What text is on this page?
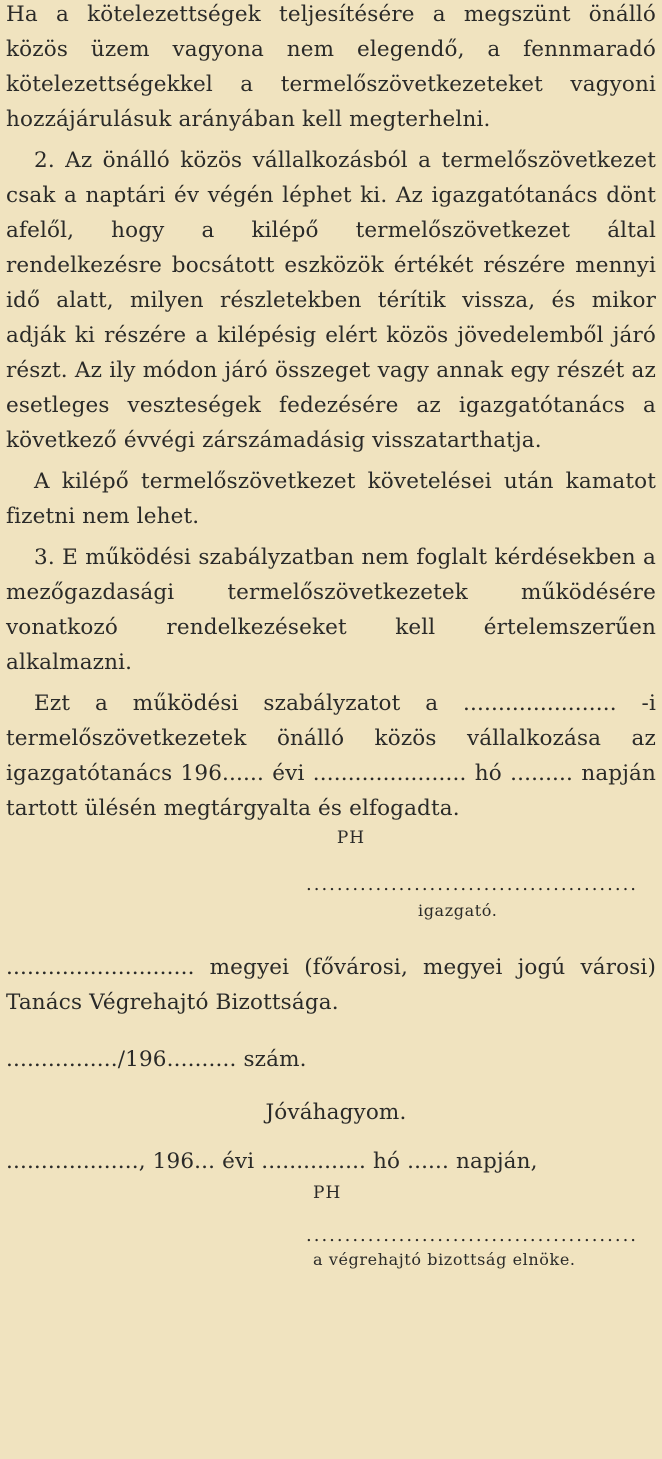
Ha a kötelezettségek teljesítésére a megszünt önálló közös üzem vagyona nem elegendő, a fennmaradó kötelezettségekkel a termelőszövetkezeteket vagyoni hozzájárulásuk arányában kell megterhelni.

2. Az önálló közös vállalkozásból a termelőszövetkezet csak a naptári év végén léphet ki. Az igazgatótanács dönt afelől, hogy a kilépő termelőszövetkezet által rendelkezésre bocsátott eszközök értékét részére mennyi idő alatt, milyen részletekben térítik vissza, és mikor adják ki részére a kilépésig elért közös jövedelemből járó részt. Az ily módon járó összeget vagy annak egy részét az esetleges veszteségek fedezésére az igazgatótanács a következő évvégi zárszámadásig visszatarthatja.

A kilépő termelőszövetkezet követelései után kamatot fizetni nem lehet.

3. E működési szabályzatban nem foglalt kérdésekben a mezőgazdasági termelőszövetkezetek működésére vonatkozó rendelkezéseket kell értelemszerűen alkalmazni.

Ezt a működési szabályzatot a ...................... -i termelőszövetkezetek önálló közös vállalkozása az igazgatótanács 196...... évi ...................... hó ......... napján tartott ülésén megtárgyalta és elfogadta.

PH

...........................................

igazgató.

........................... megyei (fővárosi, megyei jogú városi) Tanács Végrehajtó Bizottsága.

................/196.......... szám.

Jóváhagyom.

..................., 196... évi ............... hó ...... napján,

PH

...........................................

a végrehajtó bizottság elnöke.
